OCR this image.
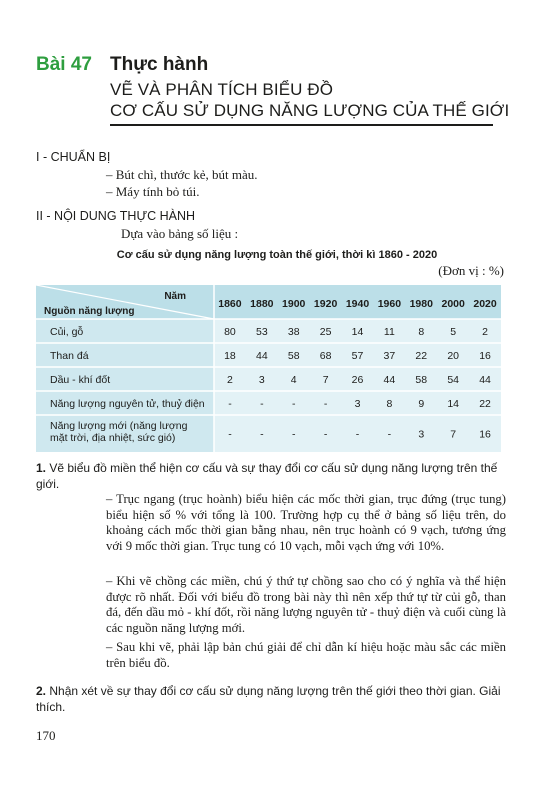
Bài 47 Thực hành
VẼ VÀ PHÂN TÍCH BIỂU ĐỒ
CƠ CẤU SỬ DỤNG NĂNG LƯỢNG CỦA THẾ GIỚI
I - CHUẨN BỊ
– Bút chì, thước kẻ, bút màu.
– Máy tính bỏ túi.
II - NỘI DUNG THỰC HÀNH
Dựa vào bảng số liệu :
Cơ cấu sử dụng năng lượng toàn thế giới, thời kì 1860 - 2020
(Đơn vị : %)
Năm
Nguồn năng lượng
1860 1880 1900 1920 1940 1960 1980 2000 2020
Củi, gỗ	80 53 38 25 14 11 8 5 2
Than đá	18 44 58 68 57 37 22 20 16
Dầu - khí đốt	2 3 4 7 26 44 58 54 44
Năng lượng nguyên tử, thuỷ điện -	-	-	-	3 8 9 14 22
Năng lượng mới (năng lượng
mặt trời, địa nhiệt, sức gió)	-	-	-	-	-	-	3 7 16
1. Vẽ biểu đồ miền thể hiện cơ cấu và sự thay đổi cơ cấu sử dụng năng lượng trên thế giới.
– Trục ngang (trục hoành) biểu hiện các mốc thời gian, trục đứng (trục tung) biểu hiện số % với tổng là 100. Trường hợp cụ thể ở bảng số liệu trên, do khoảng cách mốc thời gian bằng nhau, nên trục hoành có 9 vạch, tương ứng với 9 mốc thời gian. Trục tung có 10 vạch, mỗi vạch ứng với 10%.
– Khi vẽ chồng các miền, chú ý thứ tự chồng sao cho có ý nghĩa và thể hiện được rõ nhất. Đối với biểu đồ trong bài này thì nên xếp thứ tự từ củi gỗ, than đá, đến dầu mỏ - khí đốt, rồi năng lượng nguyên tử - thuỷ điện và cuối cùng là các nguồn năng lượng mới.
– Sau khi vẽ, phải lập bản chú giải để chỉ dẫn kí hiệu hoặc màu sắc các miền trên biểu đồ.
2. Nhận xét về sự thay đổi cơ cấu sử dụng năng lượng trên thế giới theo thời gian. Giải thích.
170
